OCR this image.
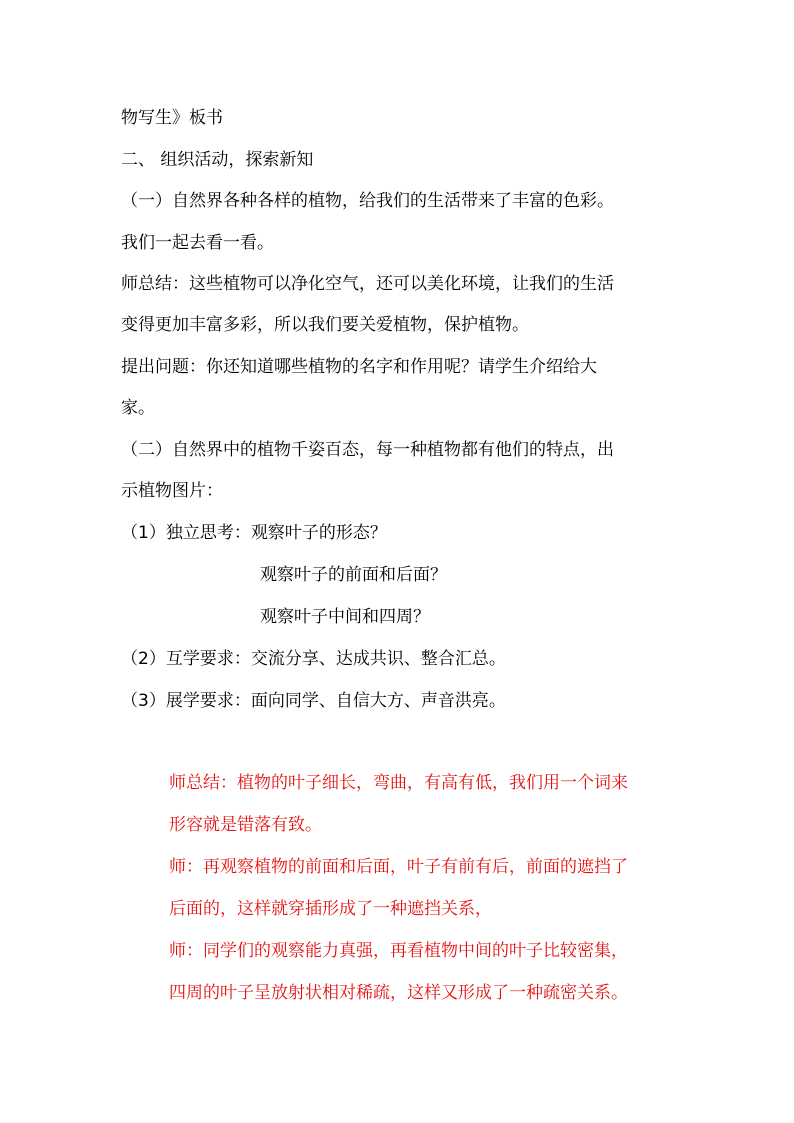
物写生》板书
二、 组织活动，探索新知
（一）自然界各种各样的植物，给我们的生活带来了丰富的色彩。
我们一起去看一看。
师总结：这些植物可以净化空气，还可以美化环境，让我们的生活
变得更加丰富多彩，所以我们要关爱植物，保护植物。
提出问题：你还知道哪些植物的名字和作用呢？请学生介绍给大
家。
（二）自然界中的植物千姿百态，每一种植物都有他们的特点，出
示植物图片：
（1）独立思考：观察叶子的形态？
观察叶子的前面和后面？
观察叶子中间和四周？
（2）互学要求：交流分享、达成共识、整合汇总。
（3）展学要求：面向同学、自信大方、声音洪亮。
师总结：植物的叶子细长，弯曲，有高有低，我们用一个词来
形容就是错落有致。
师：再观察植物的前面和后面，叶子有前有后，前面的遮挡了
后面的，这样就穿插形成了一种遮挡关系，
师：同学们的观察能力真强，再看植物中间的叶子比较密集，
四周的叶子呈放射状相对稀疏，这样又形成了一种疏密关系。
